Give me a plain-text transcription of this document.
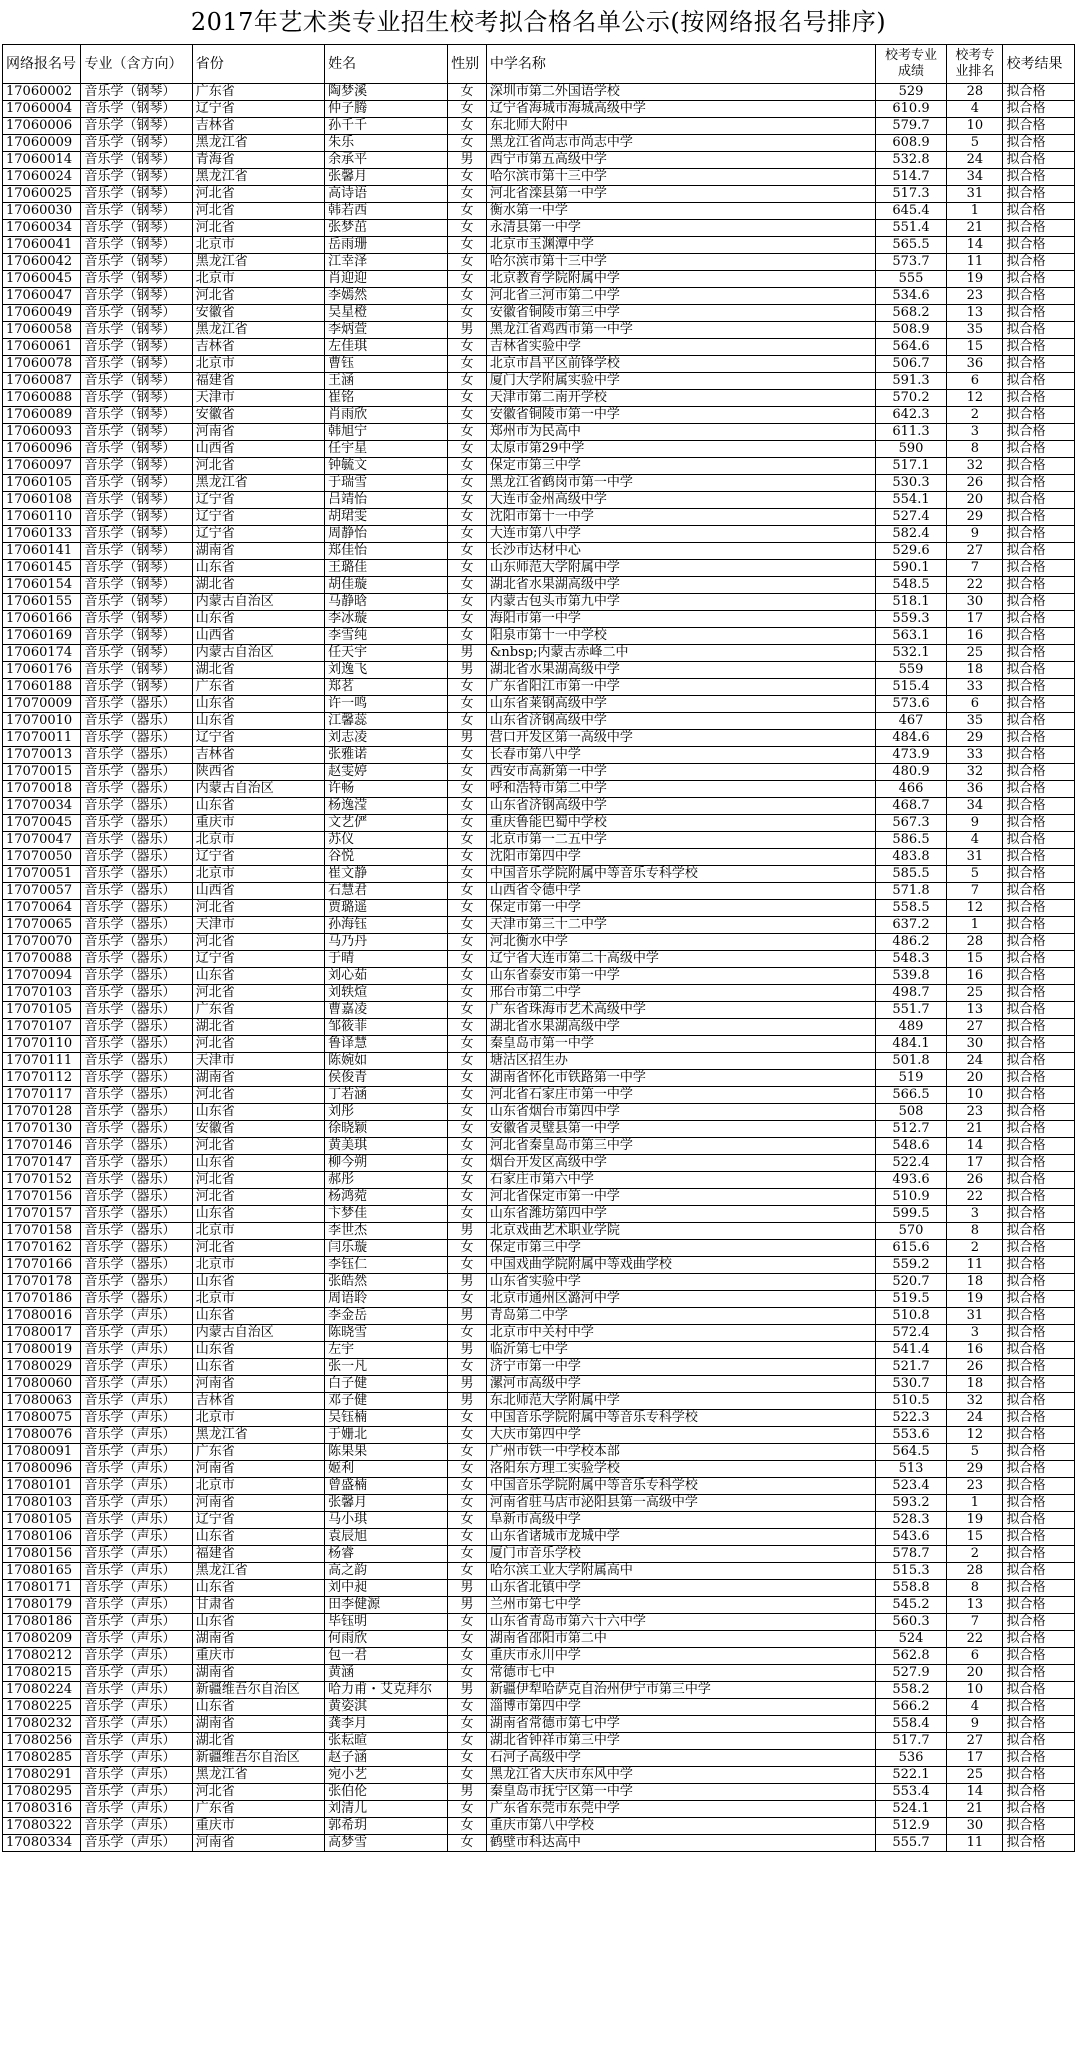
2017年艺术类专业招生校考拟合格名单公示(按网络报名号排序)
网络报名号	专业（含方向）	省份	姓名	性别	中学名称	校考专业成绩	校考专业排名	校考结果
17060002	音乐学（钢琴）	广东省	陶梦溪	女	深圳市第二外国语学校	529	28	拟合格
17060004	音乐学（钢琴）	辽宁省	仲子腾	女	辽宁省海城市海城高级中学	610.9	4	拟合格
17060006	音乐学（钢琴）	吉林省	孙千千	女	东北师大附中	579.7	10	拟合格
17060009	音乐学（钢琴）	黑龙江省	朱乐	女	黑龙江省尚志市尚志中学	608.9	5	拟合格
17060014	音乐学（钢琴）	青海省	余承平	男	西宁市第五高级中学	532.8	24	拟合格
17060024	音乐学（钢琴）	黑龙江省	张馨月	女	哈尔滨市第十三中学	514.7	34	拟合格
17060025	音乐学（钢琴）	河北省	高诗语	女	河北省滦县第一中学	517.3	31	拟合格
17060030	音乐学（钢琴）	河北省	韩若西	女	衡水第一中学	645.4	1	拟合格
17060034	音乐学（钢琴）	河北省	张梦茁	女	永清县第一中学	551.4	21	拟合格
17060041	音乐学（钢琴）	北京市	岳雨珊	女	北京市玉渊潭中学	565.5	14	拟合格
17060042	音乐学（钢琴）	黑龙江省	江幸泽	女	哈尔滨市第十三中学	573.7	11	拟合格
17060045	音乐学（钢琴）	北京市	肖迎迎	女	北京教育学院附属中学	555	19	拟合格
17060047	音乐学（钢琴）	河北省	李嫣然	女	河北省三河市第二中学	534.6	23	拟合格
17060049	音乐学（钢琴）	安徽省	吴星橙	女	安徽省铜陵市第三中学	568.2	13	拟合格
17060058	音乐学（钢琴）	黑龙江省	李炳萱	男	黑龙江省鸡西市第一中学	508.9	35	拟合格
17060061	音乐学（钢琴）	吉林省	左佳琪	女	吉林省实验中学	564.6	15	拟合格
17060078	音乐学（钢琴）	北京市	曹钰	女	北京市昌平区前锋学校	506.7	36	拟合格
17060087	音乐学（钢琴）	福建省	王涵	女	厦门大学附属实验中学	591.3	6	拟合格
17060088	音乐学（钢琴）	天津市	崔铭	女	天津市第二南开学校	570.2	12	拟合格
17060089	音乐学（钢琴）	安徽省	肖雨欣	女	安徽省铜陵市第一中学	642.3	2	拟合格
17060093	音乐学（钢琴）	河南省	韩旭宁	女	郑州市为民高中	611.3	3	拟合格
17060096	音乐学（钢琴）	山西省	任宇星	女	太原市第29中学	590	8	拟合格
17060097	音乐学（钢琴）	河北省	钟毓文	女	保定市第三中学	517.1	32	拟合格
17060105	音乐学（钢琴）	黑龙江省	于瑞雪	女	黑龙江省鹤岗市第一中学	530.3	26	拟合格
17060108	音乐学（钢琴）	辽宁省	吕靖怡	女	大连市金州高级中学	554.1	20	拟合格
17060110	音乐学（钢琴）	辽宁省	胡珺雯	女	沈阳市第十一中学	527.4	29	拟合格
17060133	音乐学（钢琴）	辽宁省	周静怡	女	大连市第八中学	582.4	9	拟合格
17060141	音乐学（钢琴）	湖南省	郑佳怡	女	长沙市达材中心	529.6	27	拟合格
17060145	音乐学（钢琴）	山东省	王璐佳	女	山东师范大学附属中学	590.1	7	拟合格
17060154	音乐学（钢琴）	湖北省	胡佳璇	女	湖北省水果湖高级中学	548.5	22	拟合格
17060155	音乐学（钢琴）	内蒙古自治区	马静晗	女	内蒙古包头市第九中学	518.1	30	拟合格
17060166	音乐学（钢琴）	山东省	李冰璇	女	海阳市第一中学	559.3	17	拟合格
17060169	音乐学（钢琴）	山西省	李雪纯	女	阳泉市第十一中学校	563.1	16	拟合格
17060174	音乐学（钢琴）	内蒙古自治区	任天宇	男	&nbsp;内蒙古赤峰二中	532.1	25	拟合格
17060176	音乐学（钢琴）	湖北省	刘逸飞	男	湖北省水果湖高级中学	559	18	拟合格
17060188	音乐学（钢琴）	广东省	郑茗	女	广东省阳江市第一中学	515.4	33	拟合格
17070009	音乐学（器乐）	山东省	许一鸣	女	山东省莱钢高级中学	573.6	6	拟合格
17070010	音乐学（器乐）	山东省	江馨蕊	女	山东省济钢高级中学	467	35	拟合格
17070011	音乐学（器乐）	辽宁省	刘志凌	男	营口开发区第一高级中学	484.6	29	拟合格
17070013	音乐学（器乐）	吉林省	张雅诺	女	长春市第八中学	473.9	33	拟合格
17070015	音乐学（器乐）	陕西省	赵雯婷	女	西安市高新第一中学	480.9	32	拟合格
17070018	音乐学（器乐）	内蒙古自治区	许畅	女	呼和浩特市第二中学	466	36	拟合格
17070034	音乐学（器乐）	山东省	杨逸滢	女	山东省济钢高级中学	468.7	34	拟合格
17070045	音乐学（器乐）	重庆市	文艺俨	女	重庆鲁能巴蜀中学校	567.3	9	拟合格
17070047	音乐学（器乐）	北京市	苏仪	女	北京市第一二五中学	586.5	4	拟合格
17070050	音乐学（器乐）	辽宁省	谷悦	女	沈阳市第四中学	483.8	31	拟合格
17070051	音乐学（器乐）	北京市	崔文静	女	中国音乐学院附属中等音乐专科学校	585.5	5	拟合格
17070057	音乐学（器乐）	山西省	石慧君	女	山西省令德中学	571.8	7	拟合格
17070064	音乐学（器乐）	河北省	贾璐遥	女	保定市第一中学	558.5	12	拟合格
17070065	音乐学（器乐）	天津市	孙海钰	女	天津市第三十二中学	637.2	1	拟合格
17070070	音乐学（器乐）	河北省	马乃丹	女	河北衡水中学	486.2	28	拟合格
17070088	音乐学（器乐）	辽宁省	于晴	女	辽宁省大连市第二十高级中学	548.3	15	拟合格
17070094	音乐学（器乐）	山东省	刘心茹	女	山东省泰安市第一中学	539.8	16	拟合格
17070103	音乐学（器乐）	河北省	刘轶煊	女	邢台市第二中学	498.7	25	拟合格
17070105	音乐学（器乐）	广东省	曹嘉凌	女	广东省珠海市艺术高级中学	551.7	13	拟合格
17070107	音乐学（器乐）	湖北省	邹筱菲	女	湖北省水果湖高级中学	489	27	拟合格
17070110	音乐学（器乐）	河北省	鲁译慧	女	秦皇岛市第一中学	484.1	30	拟合格
17070111	音乐学（器乐）	天津市	陈婉如	女	塘沽区招生办	501.8	24	拟合格
17070112	音乐学（器乐）	湖南省	侯俊青	女	湖南省怀化市铁路第一中学	519	20	拟合格
17070117	音乐学（器乐）	河北省	丁若涵	女	河北省石家庄市第一中学	566.5	10	拟合格
17070128	音乐学（器乐）	山东省	刘彤	女	山东省烟台市第四中学	508	23	拟合格
17070130	音乐学（器乐）	安徽省	徐晓颖	女	安徽省灵璧县第一中学	512.7	21	拟合格
17070146	音乐学（器乐）	河北省	黄美琪	女	河北省秦皇岛市第三中学	548.6	14	拟合格
17070147	音乐学（器乐）	山东省	柳今朔	女	烟台开发区高级中学	522.4	17	拟合格
17070152	音乐学（器乐）	河北省	郝彤	女	石家庄市第六中学	493.6	26	拟合格
17070156	音乐学（器乐）	河北省	杨鸿菀	女	河北省保定市第一中学	510.9	22	拟合格
17070157	音乐学（器乐）	山东省	卞梦佳	女	山东省潍坊第四中学	599.5	3	拟合格
17070158	音乐学（器乐）	北京市	李世杰	男	北京戏曲艺术职业学院	570	8	拟合格
17070162	音乐学（器乐）	河北省	闫乐璇	女	保定市第三中学	615.6	2	拟合格
17070166	音乐学（器乐）	北京市	李钰仁	女	中国戏曲学院附属中等戏曲学校	559.2	11	拟合格
17070178	音乐学（器乐）	山东省	张皓然	男	山东省实验中学	520.7	18	拟合格
17070186	音乐学（器乐）	北京市	周语聆	女	北京市通州区潞河中学	519.5	19	拟合格
17080016	音乐学（声乐）	山东省	李金岳	男	青岛第二中学	510.8	31	拟合格
17080017	音乐学（声乐）	内蒙古自治区	陈晓雪	女	北京市中关村中学	572.4	3	拟合格
17080019	音乐学（声乐）	山东省	左宇	男	临沂第七中学	541.4	16	拟合格
17080029	音乐学（声乐）	山东省	张一凡	女	济宁市第一中学	521.7	26	拟合格
17080060	音乐学（声乐）	河南省	白子健	男	漯河市高级中学	530.7	18	拟合格
17080063	音乐学（声乐）	吉林省	邓子健	男	东北师范大学附属中学	510.5	32	拟合格
17080075	音乐学（声乐）	北京市	吴钰楠	女	中国音乐学院附属中等音乐专科学校	522.3	24	拟合格
17080076	音乐学（声乐）	黑龙江省	于姗北	女	大庆市第四中学	553.6	12	拟合格
17080091	音乐学（声乐）	广东省	陈果果	女	广州市铁一中学校本部	564.5	5	拟合格
17080096	音乐学（声乐）	河南省	姬利	女	洛阳东方理工实验学校	513	29	拟合格
17080101	音乐学（声乐）	北京市	曾盛楠	女	中国音乐学院附属中等音乐专科学校	523.4	23	拟合格
17080103	音乐学（声乐）	河南省	张馨月	女	河南省驻马店市泌阳县第一高级中学	593.2	1	拟合格
17080105	音乐学（声乐）	辽宁省	马小琪	女	阜新市高级中学	528.3	19	拟合格
17080106	音乐学（声乐）	山东省	袁辰旭	女	山东省诸城市龙城中学	543.6	15	拟合格
17080156	音乐学（声乐）	福建省	杨睿	女	厦门市音乐学校	578.7	2	拟合格
17080165	音乐学（声乐）	黑龙江省	高之韵	女	哈尔滨工业大学附属高中	515.3	28	拟合格
17080171	音乐学（声乐）	山东省	刘中昶	男	山东省北镇中学	558.8	8	拟合格
17080179	音乐学（声乐）	甘肃省	田李健源	男	兰州市第七中学	545.2	13	拟合格
17080186	音乐学（声乐）	山东省	毕钰明	女	山东省青岛市第六十六中学	560.3	7	拟合格
17080209	音乐学（声乐）	湖南省	何雨欣	女	湖南省邵阳市第二中	524	22	拟合格
17080212	音乐学（声乐）	重庆市	包一君	女	重庆市永川中学	562.8	6	拟合格
17080215	音乐学（声乐）	湖南省	黄涵	女	常德市七中	527.9	20	拟合格
17080224	音乐学（声乐）	新疆维吾尔自治区	哈力甫・艾克拜尔	男	新疆伊犁哈萨克自治州伊宁市第三中学	558.2	10	拟合格
17080225	音乐学（声乐）	山东省	黄姿淇	女	淄博市第四中学	566.2	4	拟合格
17080232	音乐学（声乐）	湖南省	龚李月	女	湖南省常德市第七中学	558.4	9	拟合格
17080256	音乐学（声乐）	湖北省	张耘暄	女	湖北省钟祥市第三中学	517.7	27	拟合格
17080285	音乐学（声乐）	新疆维吾尔自治区	赵子涵	女	石河子高级中学	536	17	拟合格
17080291	音乐学（声乐）	黑龙江省	宛小艺	女	黑龙江省大庆市东风中学	522.1	25	拟合格
17080295	音乐学（声乐）	河北省	张伯伦	男	秦皇岛市抚宁区第一中学	553.4	14	拟合格
17080316	音乐学（声乐）	广东省	刘清儿	女	广东省东莞市东莞中学	524.1	21	拟合格
17080322	音乐学（声乐）	重庆市	郭希玥	女	重庆市第八中学校	512.9	30	拟合格
17080334	音乐学（声乐）	河南省	高梦雪	女	鹤壁市科达高中	555.7	11	拟合格
